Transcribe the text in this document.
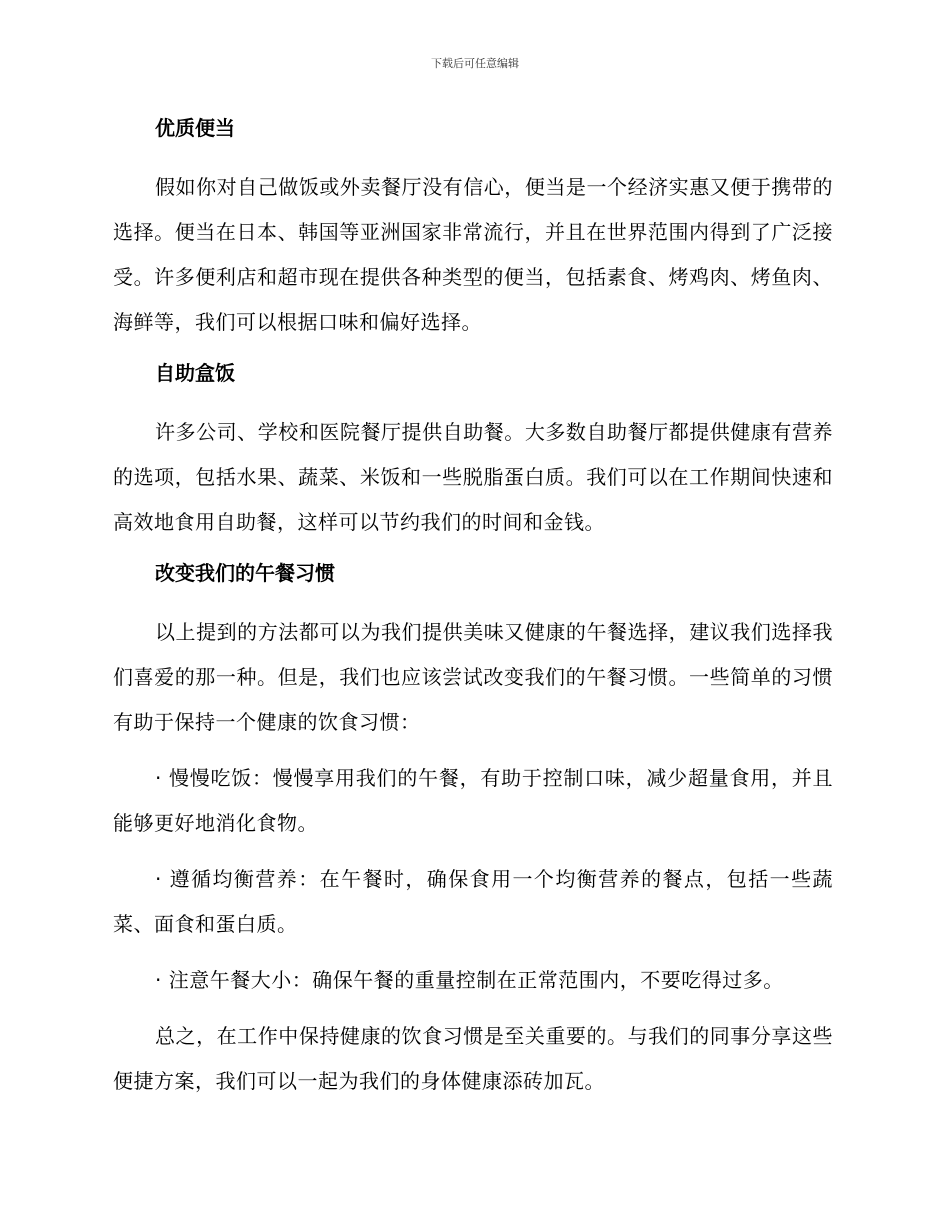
下载后可任意编辑
优质便当

假如你对自己做饭或外卖餐厅没有信心，便当是一个经济实惠又便于携带的选择。便当在日本、韩国等亚洲国家非常流行，并且在世界范围内得到了广泛接受。许多便利店和超市现在提供各种类型的便当，包括素食、烤鸡肉、烤鱼肉、海鲜等，我们可以根据口味和偏好选择。

自助盒饭

许多公司、学校和医院餐厅提供自助餐。大多数自助餐厅都提供健康有营养的选项，包括水果、蔬菜、米饭和一些脱脂蛋白质。我们可以在工作期间快速和高效地食用自助餐，这样可以节约我们的时间和金钱。

改变我们的午餐习惯

以上提到的方法都可以为我们提供美味又健康的午餐选择，建议我们选择我们喜爱的那一种。但是，我们也应该尝试改变我们的午餐习惯。一些简单的习惯有助于保持一个健康的饮食习惯：

· 慢慢吃饭：慢慢享用我们的午餐，有助于控制口味，减少超量食用，并且能够更好地消化食物。

· 遵循均衡营养：在午餐时，确保食用一个均衡营养的餐点，包括一些蔬菜、面食和蛋白质。

· 注意午餐大小：确保午餐的重量控制在正常范围内，不要吃得过多。

总之，在工作中保持健康的饮食习惯是至关重要的。与我们的同事分享这些便捷方案，我们可以一起为我们的身体健康添砖加瓦。
